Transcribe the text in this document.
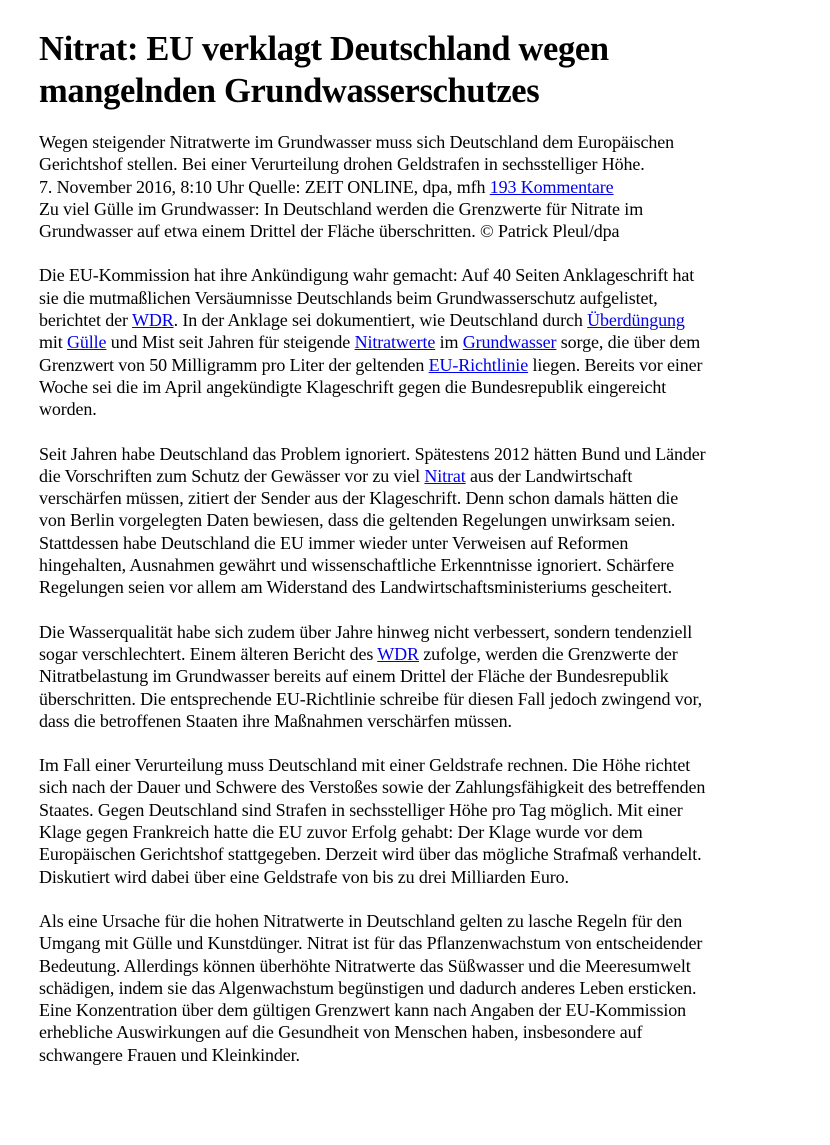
Nitrat: EU verklagt Deutschland wegen
mangelnden Grundwasserschutzes
Wegen steigender Nitratwerte im Grundwasser muss sich Deutschland dem Europäischen
Gerichtshof stellen. Bei einer Verurteilung drohen Geldstrafen in sechsstelliger Höhe.
7. November 2016, 8:10 Uhr Quelle: ZEIT ONLINE, dpa, mfh 193 Kommentare
Zu viel Gülle im Grundwasser: In Deutschland werden die Grenzwerte für Nitrate im
Grundwasser auf etwa einem Drittel der Fläche überschritten. © Patrick Pleul/dpa
Die EU-Kommission hat ihre Ankündigung wahr gemacht: Auf 40 Seiten Anklageschrift hat
sie die mutmaßlichen Versäumnisse Deutschlands beim Grundwasserschutz aufgelistet,
berichtet der WDR. In der Anklage sei dokumentiert, wie Deutschland durch Überdüngung
mit Gülle und Mist seit Jahren für steigende Nitratwerte im Grundwasser sorge, die über dem
Grenzwert von 50 Milligramm pro Liter der geltenden EU-Richtlinie liegen. Bereits vor einer
Woche sei die im April angekündigte Klageschrift gegen die Bundesrepublik eingereicht
worden.
Seit Jahren habe Deutschland das Problem ignoriert. Spätestens 2012 hätten Bund und Länder
die Vorschriften zum Schutz der Gewässer vor zu viel Nitrat aus der Landwirtschaft
verschärfen müssen, zitiert der Sender aus der Klageschrift. Denn schon damals hätten die
von Berlin vorgelegten Daten bewiesen, dass die geltenden Regelungen unwirksam seien.
Stattdessen habe Deutschland die EU immer wieder unter Verweisen auf Reformen
hingehalten, Ausnahmen gewährt und wissenschaftliche Erkenntnisse ignoriert. Schärfere
Regelungen seien vor allem am Widerstand des Landwirtschaftsministeriums gescheitert.
Die Wasserqualität habe sich zudem über Jahre hinweg nicht verbessert, sondern tendenziell
sogar verschlechtert. Einem älteren Bericht des WDR zufolge, werden die Grenzwerte der
Nitratbelastung im Grundwasser bereits auf einem Drittel der Fläche der Bundesrepublik
überschritten. Die entsprechende EU-Richtlinie schreibe für diesen Fall jedoch zwingend vor,
dass die betroffenen Staaten ihre Maßnahmen verschärfen müssen.
Im Fall einer Verurteilung muss Deutschland mit einer Geldstrafe rechnen. Die Höhe richtet
sich nach der Dauer und Schwere des Verstoßes sowie der Zahlungsfähigkeit des betreffenden
Staates. Gegen Deutschland sind Strafen in sechsstelliger Höhe pro Tag möglich. Mit einer
Klage gegen Frankreich hatte die EU zuvor Erfolg gehabt: Der Klage wurde vor dem
Europäischen Gerichtshof stattgegeben. Derzeit wird über das mögliche Strafmaß verhandelt.
Diskutiert wird dabei über eine Geldstrafe von bis zu drei Milliarden Euro.
Als eine Ursache für die hohen Nitratwerte in Deutschland gelten zu lasche Regeln für den
Umgang mit Gülle und Kunstdünger. Nitrat ist für das Pflanzenwachstum von entscheidender
Bedeutung. Allerdings können überhöhte Nitratwerte das Süßwasser und die Meeresumwelt
schädigen, indem sie das Algenwachstum begünstigen und dadurch anderes Leben ersticken.
Eine Konzentration über dem gültigen Grenzwert kann nach Angaben der EU-Kommission
erhebliche Auswirkungen auf die Gesundheit von Menschen haben, insbesondere auf
schwangere Frauen und Kleinkinder.
